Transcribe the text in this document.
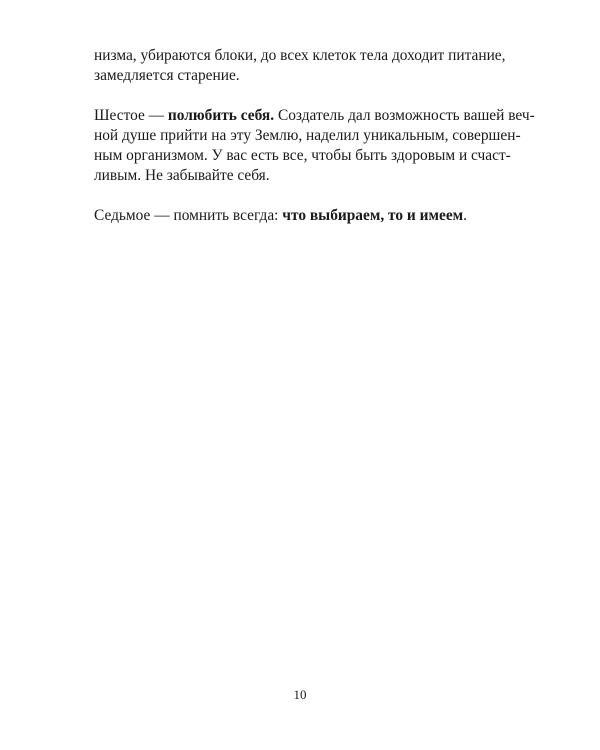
низма, убираются блоки, до всех клеток тела доходит питание,
замедляется старение.

Шестое — полюбить себя. Создатель дал возможность вашей веч-
ной душе прийти на эту Землю, наделил уникальным, совершен-
ным организмом. У вас есть все, чтобы быть здоровым и счаст-
ливым. Не забывайте себя.

Седьмое — помнить всегда: что выбираем, то и имеем.

10
